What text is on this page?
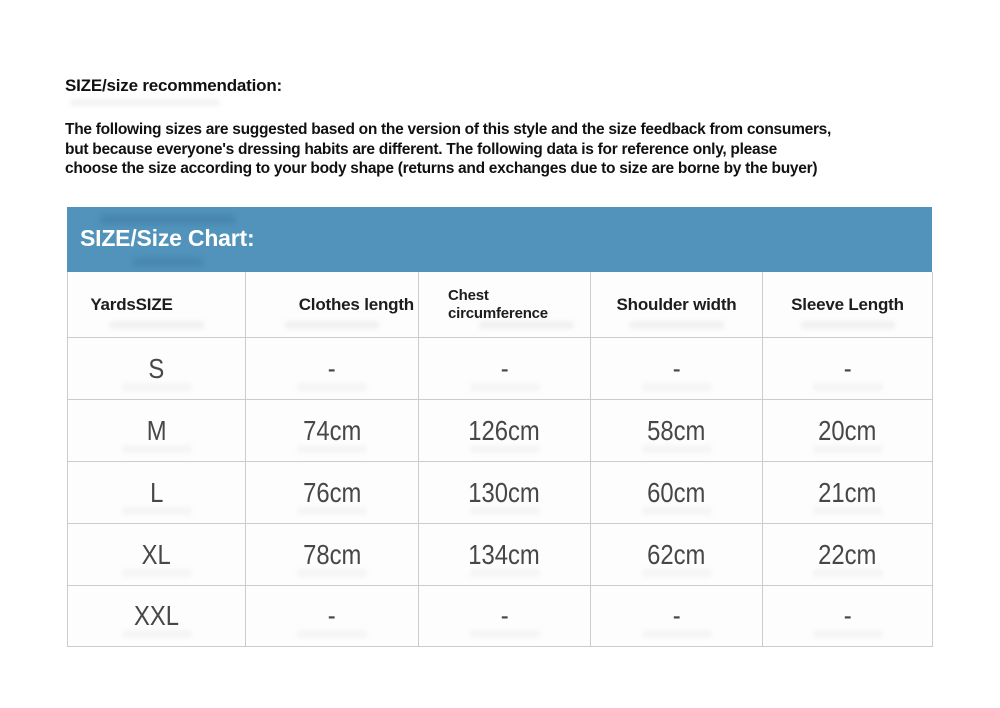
SIZE/size recommendation:
The following sizes are suggested based on the version of this style and the size feedback from consumers,
but because everyone's dressing habits are different. The following data is for reference only, please
choose the size according to your body shape (returns and exchanges due to size are borne by the buyer)
SIZE/Size Chart:
YardsSIZE	Clothes length	Chest circumference	Shoulder width	Sleeve Length
S	-	-	-	-
M	74cm	126cm	58cm	20cm
L	76cm	130cm	60cm	21cm
XL	78cm	134cm	62cm	22cm
XXL	-	-	-	-
